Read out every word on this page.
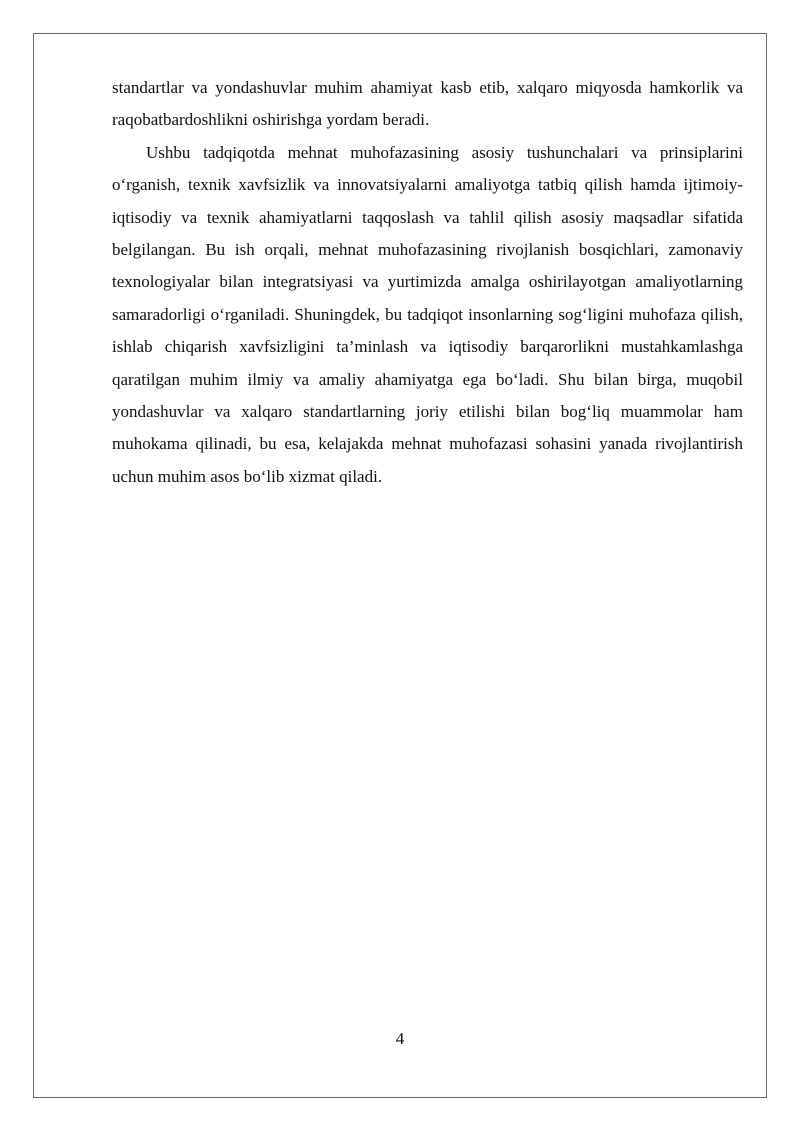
standartlar va yondashuvlar muhim ahamiyat kasb etib, xalqaro miqyosda hamkorlik va raqobatbardoshlikni oshirishga yordam beradi.

Ushbu tadqiqotda mehnat muhofazasining asosiy tushunchalari va prinsiplarini o‘rganish, texnik xavfsizlik va innovatsiyalarni amaliyotga tatbiq qilish hamda ijtimoiy-iqtisodiy va texnik ahamiyatlarni taqqoslash va tahlil qilish asosiy maqsadlar sifatida belgilangan. Bu ish orqali, mehnat muhofazasining rivojlanish bosqichlari, zamonaviy texnologiyalar bilan integratsiyasi va yurtimizda amalga oshirilayotgan amaliyotlarning samaradorligi o‘rganiladi. Shuningdek, bu tadqiqot insonlarning sog‘ligini muhofaza qilish, ishlab chiqarish xavfsizligini ta’minlash va iqtisodiy barqarorlikni mustahkamlashga qaratilgan muhim ilmiy va amaliy ahamiyatga ega bo‘ladi. Shu bilan birga, muqobil yondashuvlar va xalqaro standartlarning joriy etilishi bilan bog‘liq muammolar ham muhokama qilinadi, bu esa, kelajakda mehnat muhofazasi sohasini yanada rivojlantirish uchun muhim asos bo‘lib xizmat qiladi.

4
